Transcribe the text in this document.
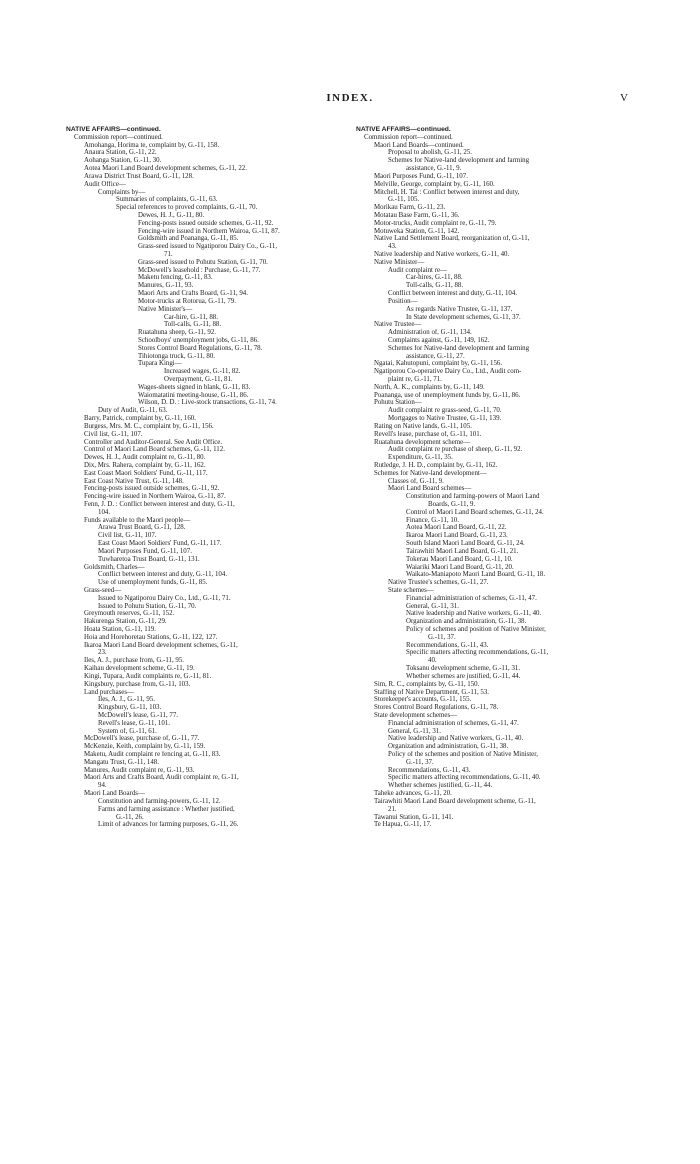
INDEX.	V
NATIVE AFFAIRS—continued.
Commission report—continued.
Amohanga, Horima te, complaint by, G.-11, 158.
Anaura Station, G.-11, 22.
Aohanga Station, G.-11, 30.
Aotea Maori Land Board development schemes, G.-11, 22.
Arawa District Trust Board, G.-11, 128.
Audit Office—
Complaints by—
Summaries of complaints, G.-11, 63.
Special references to proved complaints, G.-11, 70.
Dewes, H. J., G.-11, 80.
Fencing-posts issued outside schemes, G.-11, 92.
Fencing-wire issued in Northern Wairoa, G.-11, 87.
Goldsmith and Poananga, G.-11, 85.
Grass-seed issued to Ngatiporou Dairy Co., G.-11,
71.
Grass-seed issued to Pohutu Station, G.-11, 70.
McDowell's leasehold : Purchase, G.-11, 77.
Maketu fencing, G.-11, 83.
Manures, G.-11, 93.
Maori Arts and Crafts Board, G.-11, 94.
Motor-trucks at Rotorua, G.-11, 79.
Native Minister's—
Car-hire, G.-11, 88.
Toll-calls, G.-11, 88.
Ruatahuna sheep, G.-11, 92.
Schoolboys' unemployment jobs, G.-11, 86.
Stores Control Board Regulations, G.-11, 78.
Tihiotonga truck, G.-11, 80.
Tupara Kingi—
Increased wages, G.-11, 82.
Overpayment, G.-11, 81.
Wages-sheets signed in blank, G.-11, 83.
Waiomatatini meeting-house, G.-11, 86.
Wilson, D. D. : Live-stock transactions, G.-11, 74.
Duty of Audit, G.-11, 63.
Barry, Patrick, complaint by, G.-11, 160.
Burgess, Mrs. M. C., complaint by, G.-11, 156.
Civil list, G.-11, 107.
Controller and Auditor-General. See Audit Office.
Control of Maori Land Board schemes, G.-11, 112.
Dewes, H. J., Audit complaint re, G.-11, 80.
Dix, Mrs. Rahera, complaint by, G.-11, 162.
East Coast Maori Soldiers' Fund, G.-11, 117.
East Coast Native Trust, G.-11, 148.
Fencing-posts issued outside schemes, G.-11, 92.
Fencing-wire issued in Northern Wairoa, G.-11, 87.
Fenn, J. D. : Conflict between interest and duty, G.-11,
104.
Funds available to the Maori people—
Arawa Trust Board, G.-11, 128.
Civil list, G.-11, 107.
East Coast Maori Soldiers' Fund, G.-11, 117.
Maori Purposes Fund, G.-11, 107.
Tuwharetoa Trust Board, G.-11, 131.
Goldsmith, Charles—
Conflict between interest and duty, G.-11, 104.
Use of unemployment funds, G.-11, 85.
Grass-seed—
Issued to Ngatiporou Dairy Co., Ltd., G.-11, 71.
Issued to Pohutu Station, G.-11, 70.
Greymouth reserves, G.-11, 152.
Hakurenga Station, G.-11, 29.
Hoata Station, G.-11, 119.
Hoia and Horehoretau Stations, G.-11, 122, 127.
Ikaroa Maori Land Board development schemes, G.-11,
23.
Iles, A. J., purchase from, G.-11, 95.
Kaihau development scheme, G.-11, 19.
Kingi, Tupara, Audit complaints re, G.-11, 81.
Kingsbury, purchase from, G.-11, 103.
Land purchases—
Iles, A. J., G.-11, 95.
Kingsbury, G.-11, 103.
McDowell's lease, G.-11, 77.
Revell's lease, G.-11, 101.
System of, G.-11, 61.
McDowell's lease, purchase of, G.-11, 77.
McKenzie, Keith, complaint by, G.-11, 159.
Maketu, Audit complaint re fencing at, G.-11, 83.
Mangatu Trust, G.-11, 148.
Manures, Audit complaint re, G.-11, 93.
Maori Arts and Crafts Board, Audit complaint re, G.-11,
94.
Maori Land Boards—
Constitution and farming-powers, G.-11, 12.
Farms and farming assistance : Whether justified,
G.-11, 26.
Limit of advances for farming purposes, G.-11, 26.
NATIVE AFFAIRS—continued.
Commission report—continued.
Maori Land Boards—continued.
Proposal to abolish, G.-11, 25.
Schemes for Native-land development and farming
assistance, G.-11, 9.
Maori Purposes Fund, G.-11, 107.
Melville, George, complaint by, G.-11, 160.
Mitchell, H. Tai : Conflict between interest and duty,
G.-11, 105.
Morikau Farm, G.-11, 23.
Motatau Base Farm, G.-11, 36.
Motor-trucks, Audit complaint re, G.-11, 79.
Motuweka Station, G.-11, 142.
Native Land Settlement Board, reorganization of, G.-11,
43.
Native leadership and Native workers, G.-11, 40.
Native Minister—
Audit complaint re—
Car-hires, G.-11, 88.
Toll-calls, G.-11, 88.
Conflict between interest and duty, G.-11, 104.
Position—
As regards Native Trustee, G.-11, 137.
In State development schemes, G.-11, 37.
Native Trustee—
Administration of, G.-11, 134.
Complaints against, G.-11, 149, 162.
Schemes for Native-land development and farming
assistance, G.-11, 27.
Ngatai, Kahutopuni, complaint by, G.-11, 156.
Ngatiporou Co-operative Dairy Co., Ltd., Audit com-
plaint re, G.-11, 71.
North, A. K., complaints by, G.-11, 149.
Poananga, use of unemployment funds by, G.-11, 86.
Pohutu Station—
Audit complaint re grass-seed, G.-11, 70.
Mortgages to Native Trustee, G.-11, 139.
Rating on Native lands, G.-11, 105.
Revell's lease, purchase of, G.-11, 101.
Ruatahuna development scheme—
Audit complaint re purchase of sheep, G.-11, 92.
Expenditure, G.-11, 35.
Rutledge, J. H. D., complaint by, G.-11, 162.
Schemes for Native-land development—
Classes of, G.-11, 9.
Maori Land Board schemes—
Constitution and farming-powers of Maori Land
Boards, G.-11, 9.
Control of Maori Land Board schemes, G.-11, 24.
Finance, G.-11, 10.
Aotea Maori Land Board, G.-11, 22.
Ikaroa Maori Land Board, G.-11, 23.
South Island Maori Land Board, G.-11, 24.
Tairawhiti Maori Land Board, G.-11, 21.
Tokerau Maori Land Board, G.-11, 10.
Waiariki Maori Land Board, G.-11, 20.
Waikato-Maniapoto Maori Land Board, G.-11, 18.
Native Trustee's schemes, G.-11, 27.
State schemes—
Financial administration of schemes, G.-11, 47.
General, G.-11, 31.
Native leadership and Native workers, G.-11, 40.
Organization and administration, G.-11, 38.
Policy of schemes and position of Native Minister,
G.-11, 37.
Recommendations, G.-11, 43.
Specific matters affecting recommendations, G.-11,
40.
Toksanu development scheme, G.-11, 31.
Whether schemes are justified, G.-11, 44.
Sim, R. C., complaints by, G.-11, 150.
Staffing of Native Department, G.-11, 53.
Storekeeper's accounts, G.-11, 155.
Stores Control Board Regulations, G.-11, 78.
State development schemes—
Financial administration of schemes, G.-11, 47.
General, G.-11, 31.
Native leadership and Native workers, G.-11, 40.
Organization and administration, G.-11, 38.
Policy of the schemes and position of Native Minister,
G.-11, 37.
Recommendations, G.-11, 43.
Specific matters affecting recommendations, G.-11, 40.
Whether schemes justified, G.-11, 44.
Taheke advances, G.-11, 20.
Tairawhiti Maori Land Board development scheme, G.-11,
21.
Tawanui Station, G.-11, 141.
Te Hapua, G.-11, 17.
